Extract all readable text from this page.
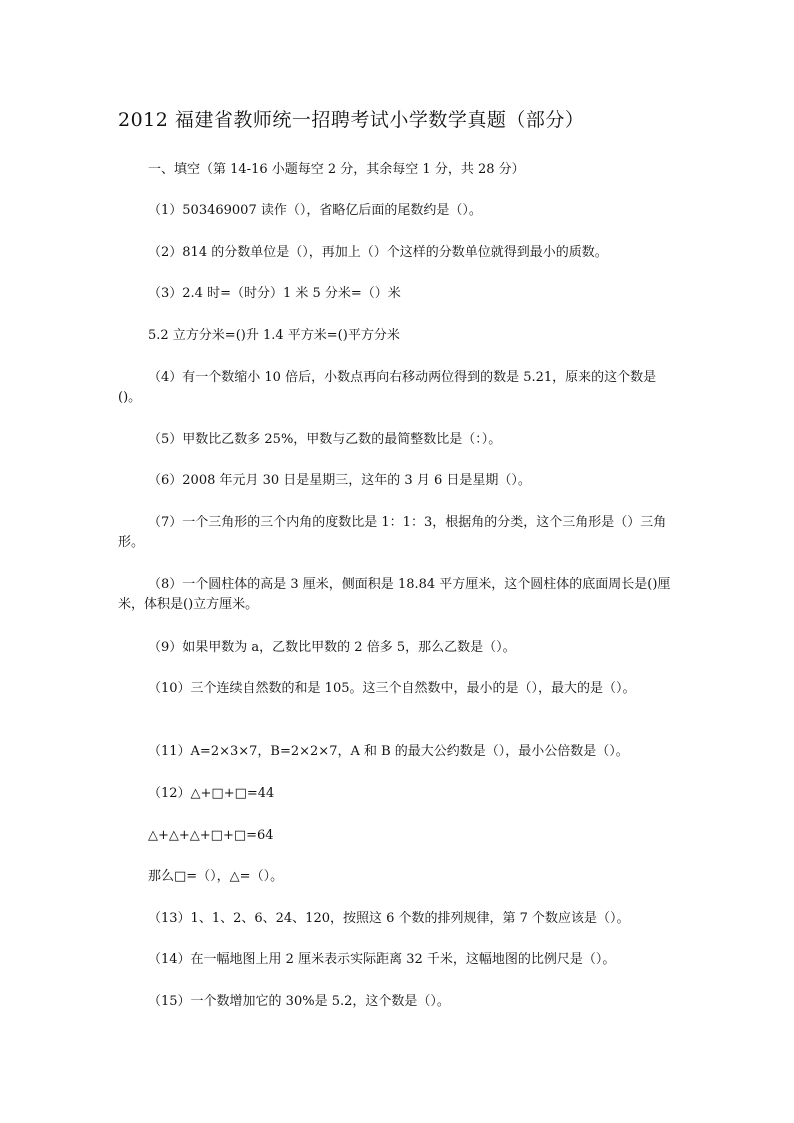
2012 福建省教师统一招聘考试小学数学真题（部分）
一、填空（第 14-16 小题每空 2 分，其余每空 1 分，共 28 分）
（1）503469007 读作（），省略亿后面的尾数约是（）。
（2）814 的分数单位是（），再加上（）个这样的分数单位就得到最小的质数。
（3）2.4 时=（时分）1 米 5 分米=（）米
5.2 立方分米=()升 1.4 平方米=()平方分米
（4）有一个数缩小 10 倍后，小数点再向右移动两位得到的数是 5.21，原来的这个数是()。
（5）甲数比乙数多 25%，甲数与乙数的最简整数比是（：）。
（6）2008 年元月 30 日是星期三，这年的 3 月 6 日是星期（）。
（7）一个三角形的三个内角的度数比是 1：1：3，根据角的分类，这个三角形是（）三角形。
（8）一个圆柱体的高是 3 厘米，侧面积是 18.84 平方厘米，这个圆柱体的底面周长是()厘米，体积是()立方厘米。
（9）如果甲数为 a，乙数比甲数的 2 倍多 5，那么乙数是（）。
（10）三个连续自然数的和是 105。这三个自然数中，最小的是（），最大的是（）。
（11）A=2×3×7，B=2×2×7，A 和 B 的最大公约数是（），最小公倍数是（）。
（12）△+□+□=44
△+△+△+□+□=64
那么□=（），△=（）。
（13）1、1、2、6、24、120，按照这 6 个数的排列规律，第 7 个数应该是（）。
（14）在一幅地图上用 2 厘米表示实际距离 32 千米，这幅地图的比例尺是（）。
（15）一个数增加它的 30%是 5.2，这个数是（）。
